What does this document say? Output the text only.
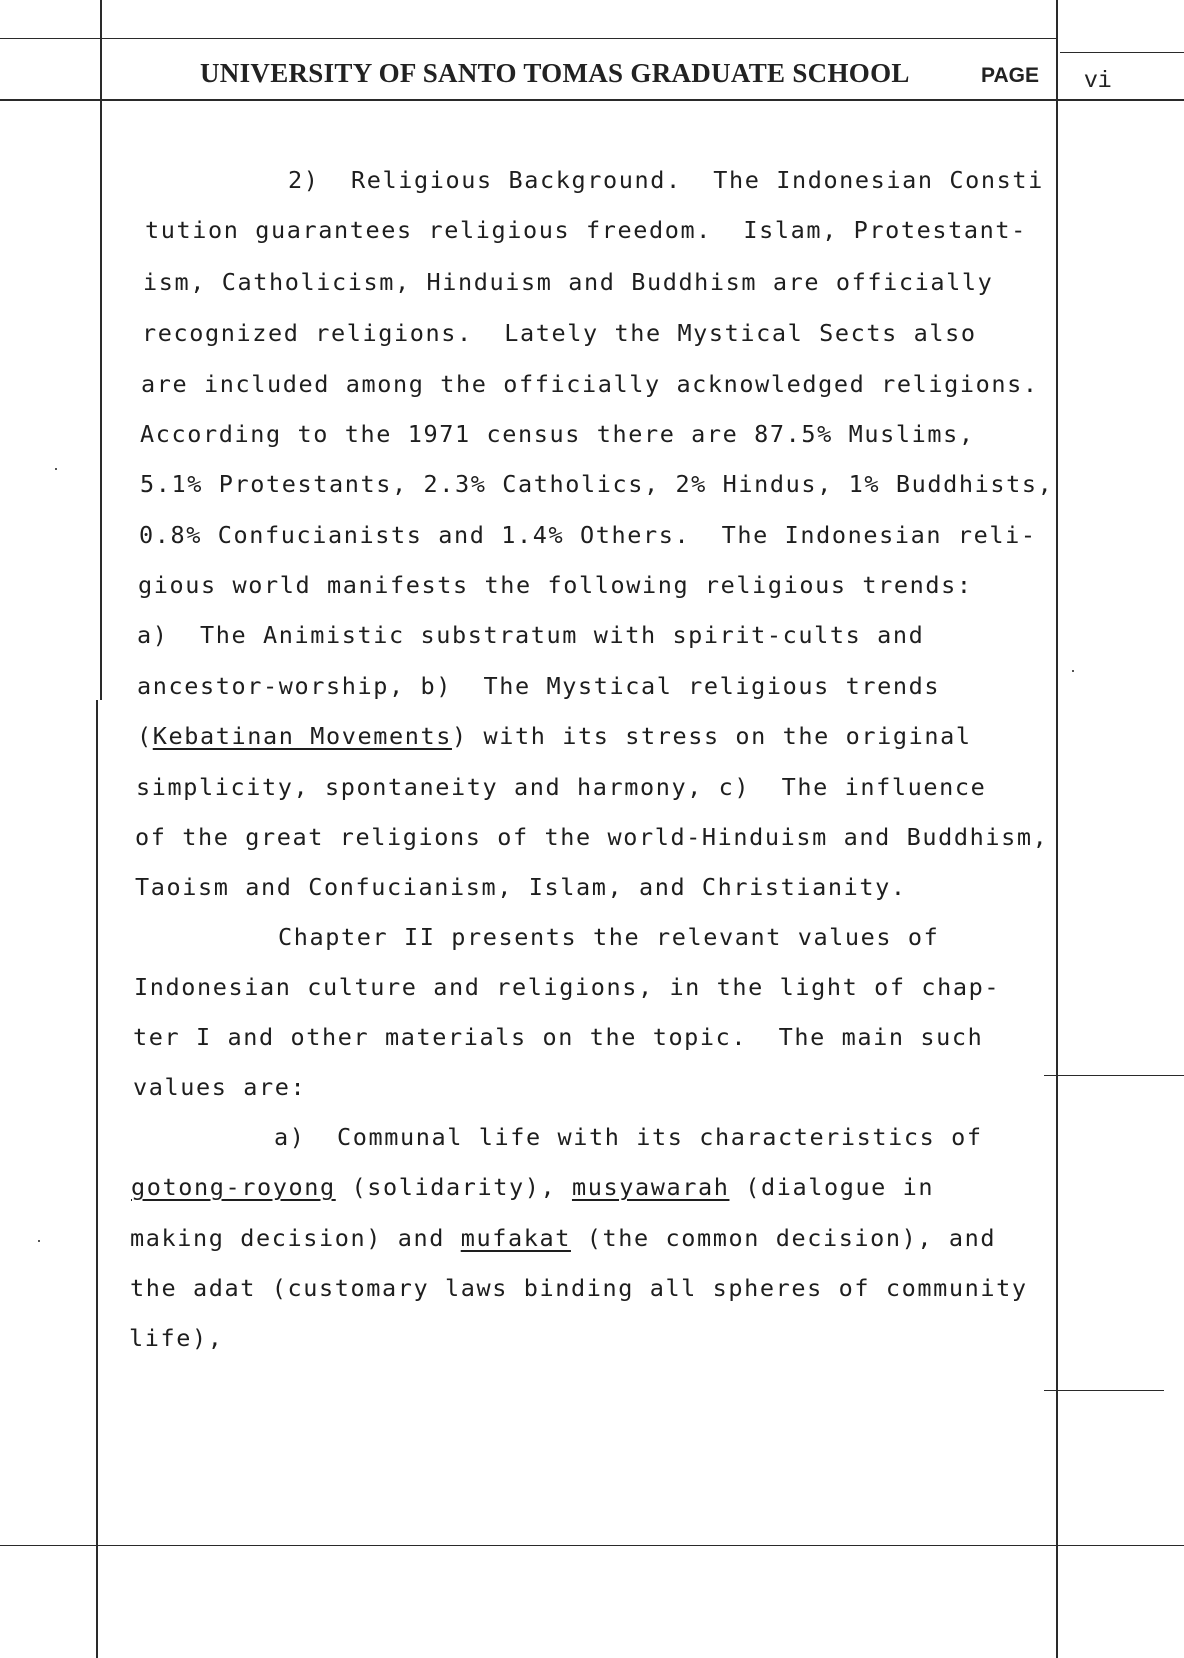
UNIVERSITY OF SANTO TOMAS GRADUATE SCHOOL	PAGE vi
2)  Religious Background.  The Indonesian Consti
tution guarantees religious freedom.  Islam, Protestant-
ism, Catholicism, Hinduism and Buddhism are officially
recognized religions.  Lately the Mystical Sects also
are included among the officially acknowledged religions.
According to the 1971 census there are 87.5% Muslims,
5.1% Protestants, 2.3% Catholics, 2% Hindus, 1% Buddhists,
0.8% Confucianists and 1.4% Others.  The Indonesian reli-
gious world manifests the following religious trends:
a)  The Animistic substratum with spirit-cults and
ancestor-worship, b)  The Mystical religious trends
(Kebatinan Movements) with its stress on the original
simplicity, spontaneity and harmony, c)  The influence
of the great religions of the world-Hinduism and Buddhism,
Taoism and Confucianism, Islam, and Christianity.
Chapter II presents the relevant values of
Indonesian culture and religions, in the light of chap-
ter I and other materials on the topic.  The main such
values are:
a)  Communal life with its characteristics of
gotong-royong (solidarity), musyawarah (dialogue in
making decision) and mufakat (the common decision), and
the adat (customary laws binding all spheres of community
life),
